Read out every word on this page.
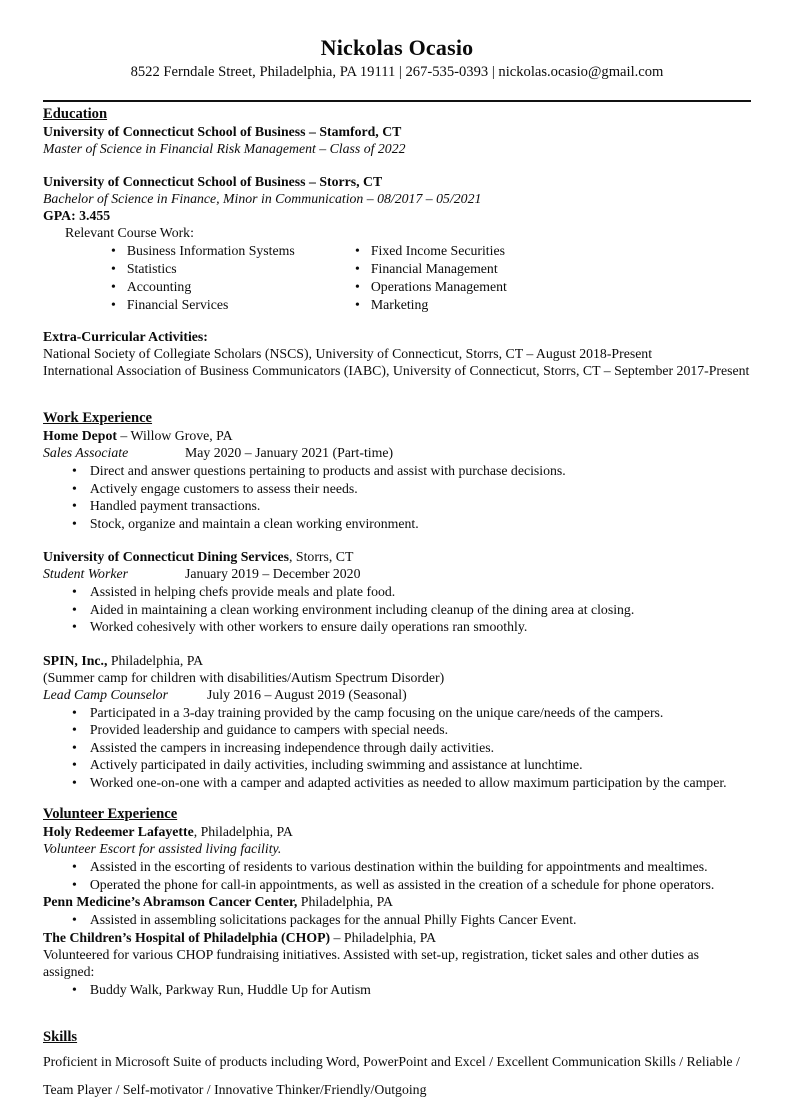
Nickolas Ocasio
8522 Ferndale Street, Philadelphia, PA 19111 | 267-535-0393 | nickolas.ocasio@gmail.com
Education
University of Connecticut School of Business – Stamford, CT
Master of Science in Financial Risk Management – Class of 2022
University of Connecticut School of Business – Storrs, CT
Bachelor of Science in Finance, Minor in Communication – 08/2017 – 05/2021
GPA: 3.455
Relevant Course Work:
• Business Information Systems
• Statistics
• Accounting
• Financial Services
• Fixed Income Securities
• Financial Management
• Operations Management
• Marketing
Extra-Curricular Activities:
National Society of Collegiate Scholars (NSCS), University of Connecticut, Storrs, CT – August 2018-Present
International Association of Business Communicators (IABC), University of Connecticut, Storrs, CT – September 2017-Present
Work Experience
Home Depot – Willow Grove, PA
Sales Associate	May 2020 – January 2021 (Part-time)
• Direct and answer questions pertaining to products and assist with purchase decisions.
• Actively engage customers to assess their needs.
• Handled payment transactions.
• Stock, organize and maintain a clean working environment.
University of Connecticut Dining Services, Storrs, CT
Student Worker	January 2019 – December 2020
• Assisted in helping chefs provide meals and plate food.
• Aided in maintaining a clean working environment including cleanup of the dining area at closing.
• Worked cohesively with other workers to ensure daily operations ran smoothly.
SPIN, Inc., Philadelphia, PA
(Summer camp for children with disabilities/Autism Spectrum Disorder)
Lead Camp Counselor	July 2016 – August 2019 (Seasonal)
• Participated in a 3-day training provided by the camp focusing on the unique care/needs of the campers.
• Provided leadership and guidance to campers with special needs.
• Assisted the campers in increasing independence through daily activities.
• Actively participated in daily activities, including swimming and assistance at lunchtime.
• Worked one-on-one with a camper and adapted activities as needed to allow maximum participation by the camper.
Volunteer Experience
Holy Redeemer Lafayette, Philadelphia, PA
Volunteer Escort for assisted living facility.
• Assisted in the escorting of residents to various destination within the building for appointments and mealtimes.
• Operated the phone for call-in appointments, as well as assisted in the creation of a schedule for phone operators.
Penn Medicine’s Abramson Cancer Center, Philadelphia, PA
• Assisted in assembling solicitations packages for the annual Philly Fights Cancer Event.
The Children’s Hospital of Philadelphia (CHOP) – Philadelphia, PA
Volunteered for various CHOP fundraising initiatives. Assisted with set-up, registration, ticket sales and other duties as assigned:
• Buddy Walk, Parkway Run, Huddle Up for Autism
Skills
Proficient in Microsoft Suite of products including Word, PowerPoint and Excel / Excellent Communication Skills / Reliable / Team Player / Self-motivator / Innovative Thinker/Friendly/Outgoing
